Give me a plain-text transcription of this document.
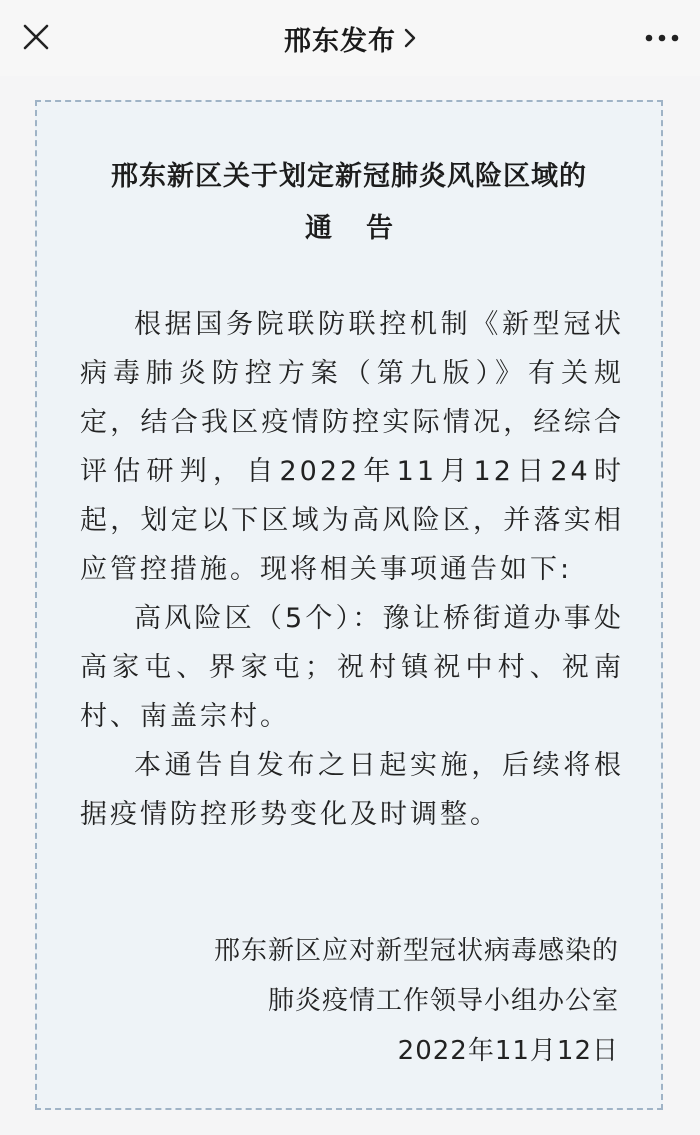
邢东发布
邢东新区关于划定新冠肺炎风险区域的
通告

根据国务院联防联控机制《新型冠状病毒肺炎防控方案（第九版）》有关规定，结合我区疫情防控实际情况，经综合评估研判，自2022年11月12日24时起，划定以下区域为高风险区，并落实相应管控措施。现将相关事项通告如下:

高风险区（5个）：豫让桥街道办事处高家屯、界家屯；祝村镇祝中村、祝南村、南盖宗村。

本通告自发布之日起实施，后续将根据疫情防控形势变化及时调整。

邢东新区应对新型冠状病毒感染的
肺炎疫情工作领导小组办公室
2022年11月12日
